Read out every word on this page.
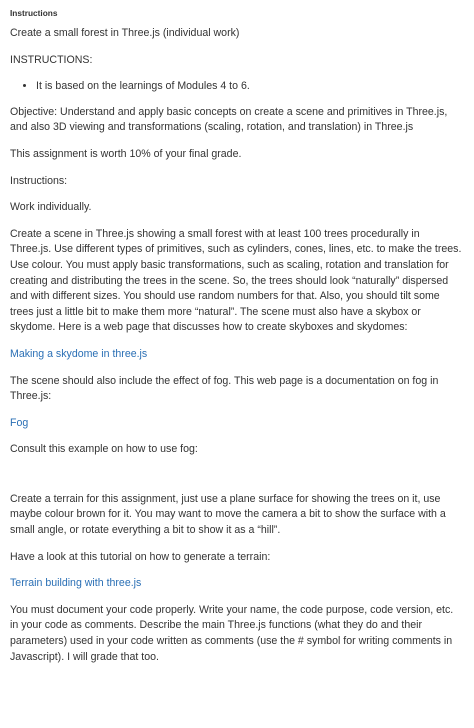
Instructions

Create a small forest in Three.js (individual work)

INSTRUCTIONS:

• It is based on the learnings of Modules 4 to 6.

Objective: Understand and apply basic concepts on create a scene and primitives in Three.js, and also 3D viewing and transformations (scaling, rotation, and translation) in Three.js

This assignment is worth 10% of your final grade.

Instructions:

Work individually.

Create a scene in Three.js showing a small forest with at least 100 trees procedurally in Three.js. Use different types of primitives, such as cylinders, cones, lines, etc. to make the trees. Use colour. You must apply basic transformations, such as scaling, rotation and translation for creating and distributing the trees in the scene. So, the trees should look “naturally” dispersed and with different sizes. You should use random numbers for that. Also, you should tilt some trees just a little bit to make them more “natural”. The scene must also have a skybox or skydome. Here is a web page that discusses how to create skyboxes and skydomes:

Making a skydome in three.js

The scene should also include the effect of fog. This web page is a documentation on fog in Three.js:

Fog

Consult this example on how to use fog:

Create a terrain for this assignment, just use a plane surface for showing the trees on it, use maybe colour brown for it. You may want to move the camera a bit to show the surface with a small angle, or rotate everything a bit to show it as a “hill”.

Have a look at this tutorial on how to generate a terrain:

Terrain building with three.js

You must document your code properly. Write your name, the code purpose, code version, etc. in your code as comments. Describe the main Three.js functions (what they do and their parameters) used in your code written as comments (use the # symbol for writing comments in Javascript). I will grade that too.
